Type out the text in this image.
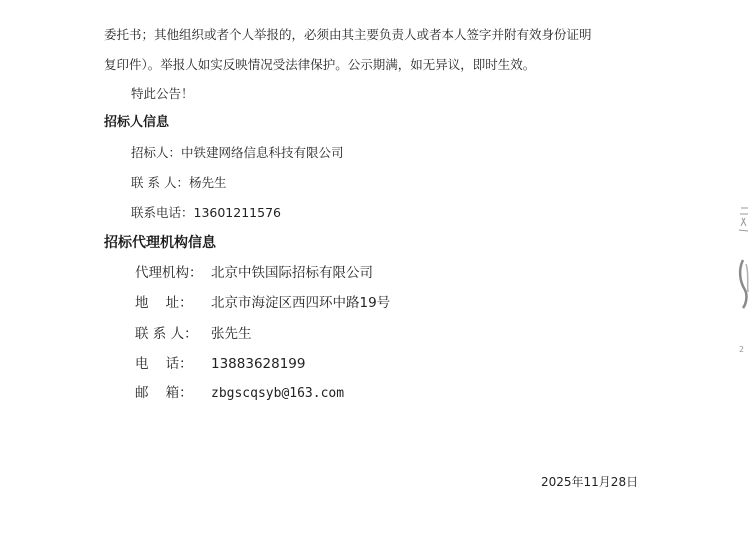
委托书；其他组织或者个人举报的，必须由其主要负责人或者本人签字并附有效身份证明
复印件）。举报人如实反映情况受法律保护。公示期满，如无异议，即时生效。
特此公告！
招标人信息
招标人：中铁建网络信息科技有限公司
联 系 人：杨先生
联系电话：13601211576
招标代理机构信息
代理机构： 北京中铁国际招标有限公司
地    址： 北京市海淀区西四环中路19号
联 系 人： 张先生
电    话： 13883628199
邮    箱： zbgscqsyb@163.com
2025年11月28日
2
